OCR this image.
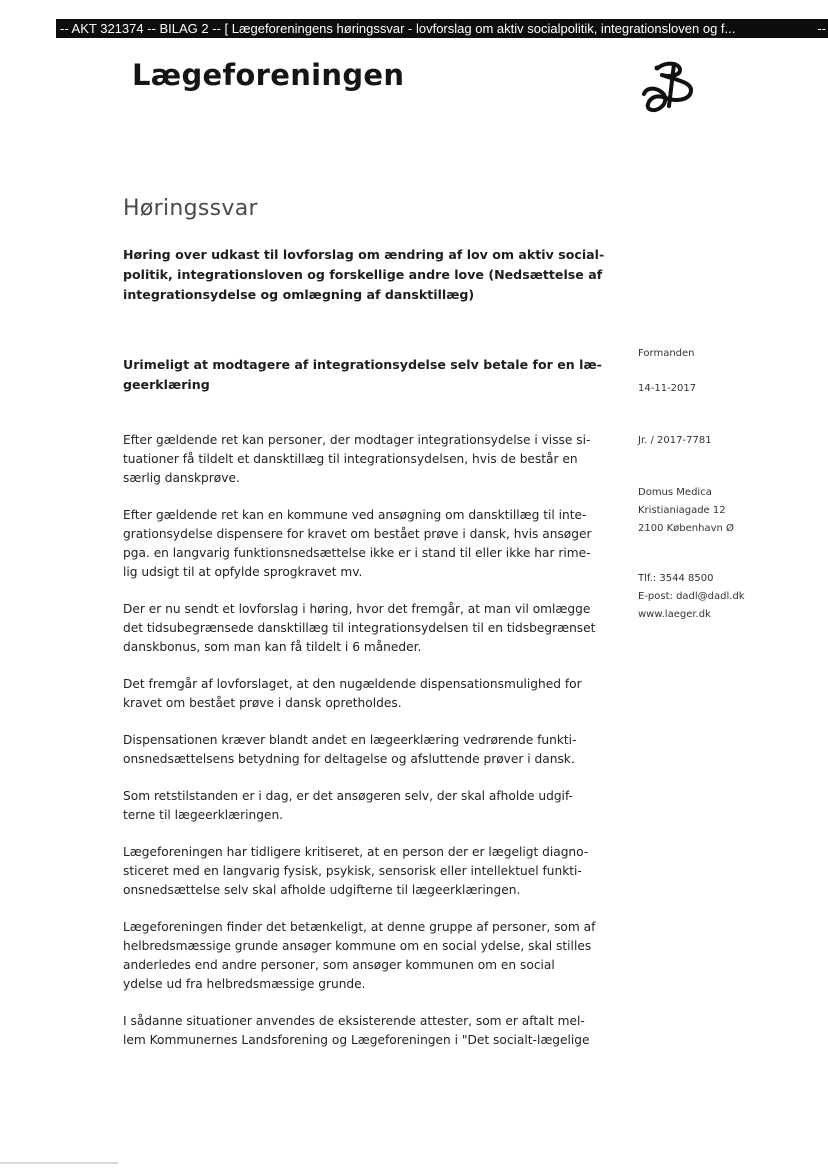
-- AKT 321374 -- BILAG 2 -- [ Lægeforeningens høringssvar - lovforslag om aktiv socialpolitik, integrationsloven og f...	--
Lægeforeningen
Høringssvar
Høring over udkast til lovforslag om ændring af lov om aktiv social-
politik, integrationsloven og forskellige andre love (Nedsættelse af
integrationsydelse og omlægning af dansktillæg)
Urimeligt at modtagere af integrationsydelse selv betale for en læ-
geerklæring
Efter gældende ret kan personer, der modtager integrationsydelse i visse si-
tuationer få tildelt et dansktillæg til integrationsydelsen, hvis de består en
særlig danskprøve.
Efter gældende ret kan en kommune ved ansøgning om dansktillæg til inte-
grationsydelse dispensere for kravet om bestået prøve i dansk, hvis ansøger
pga. en langvarig funktionsnedsættelse ikke er i stand til eller ikke har rime-
lig udsigt til at opfylde sprogkravet mv.
Der er nu sendt et lovforslag i høring, hvor det fremgår, at man vil omlægge
det tidsubegrænsede dansktillæg til integrationsydelsen til en tidsbegrænset
danskbonus, som man kan få tildelt i 6 måneder.
Det fremgår af lovforslaget, at den nugældende dispensationsmulighed for
kravet om bestået prøve i dansk opretholdes.
Dispensationen kræver blandt andet en lægeerklæring vedrørende funkti-
onsnedsættelsens betydning for deltagelse og afsluttende prøver i dansk.
Som retstilstanden er i dag, er det ansøgeren selv, der skal afholde udgif-
terne til lægeerklæringen.
Lægeforeningen har tidligere kritiseret, at en person der er lægeligt diagno-
sticeret med en langvarig fysisk, psykisk, sensorisk eller intellektuel funkti-
onsnedsættelse selv skal afholde udgifterne til lægeerklæringen.
Lægeforeningen finder det betænkeligt, at denne gruppe af personer, som af
helbredsmæssige grunde ansøger kommune om en social ydelse, skal stilles
anderledes end andre personer, som ansøger kommunen om en social
ydelse ud fra helbredsmæssige grunde.
I sådanne situationer anvendes de eksisterende attester, som er aftalt mel-
lem Kommunernes Landsforening og Lægeforeningen i "Det socialt-lægelige
Formanden
14-11-2017
Jr. / 2017-7781
Domus Medica
Kristianiagade 12
2100 København Ø
Tlf.: 3544 8500
E-post: dadl@dadl.dk
www.laeger.dk
